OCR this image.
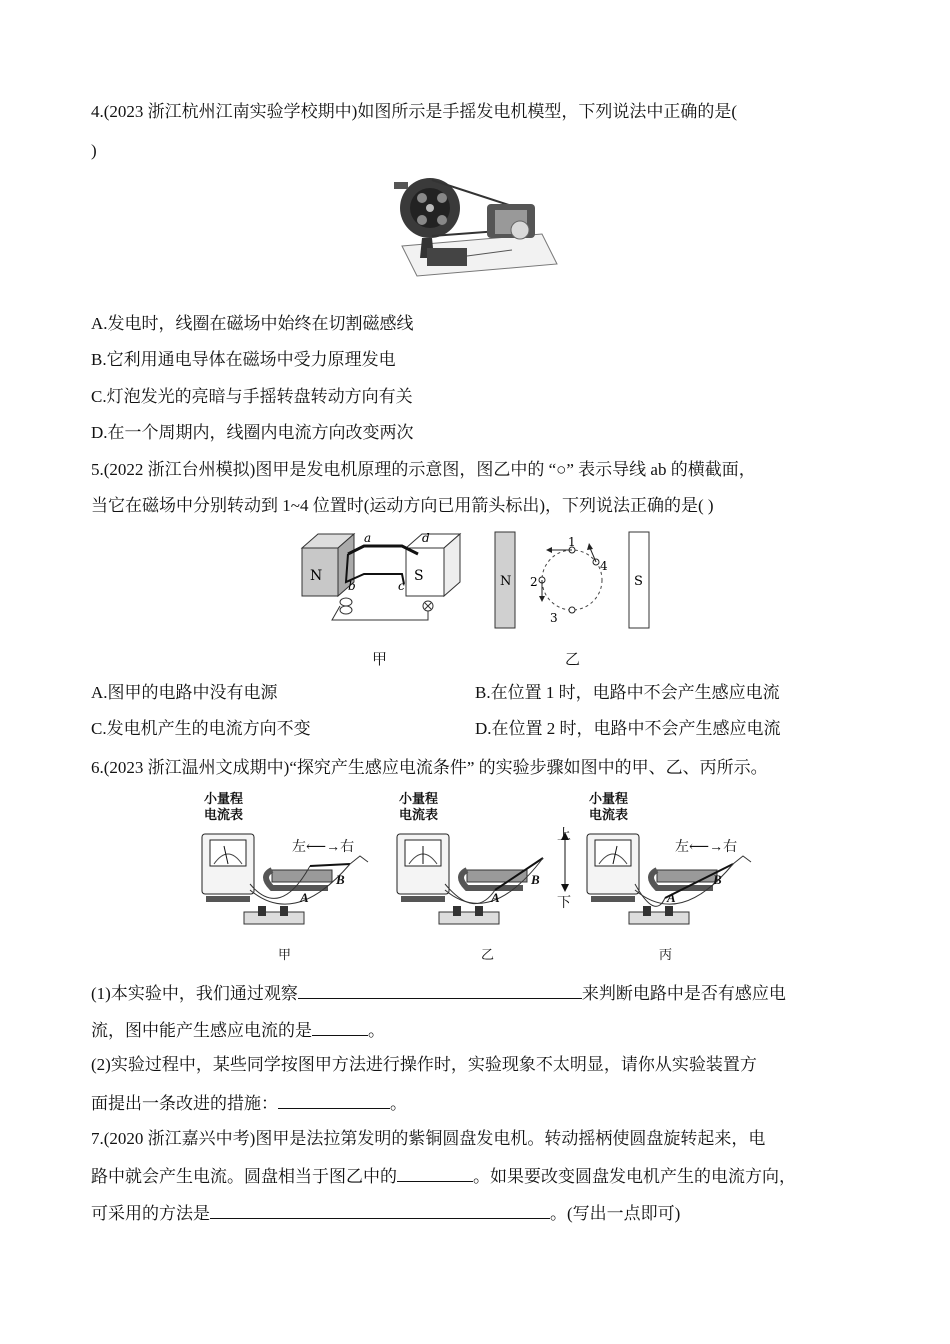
4.(2023 浙江杭州江南实验学校期中)如图所示是手摇发电机模型，下列说法中正确的是(
)
A.发电时，线圈在磁场中始终在切割磁感线
B.它利用通电导体在磁场中受力原理发电
C.灯泡发光的亮暗与手摇转盘转动方向有关
D.在一个周期内，线圈内电流方向改变两次
5.(2022 浙江台州模拟)图甲是发电机原理的示意图，图乙中的 “○” 表示导线 ab 的横截面，
当它在磁场中分别转动到 1~4 位置时(运动方向已用箭头标出)，下列说法正确的是( )
N	S
a	d
b	c	N	S
1
2
3
4
甲	乙
A.图甲的电路中没有电源	B.在位置 1 时，电路中不会产生感应电流
C.发电机产生的电流方向不变	D.在位置 2 时，电路中不会产生感应电流
6.(2023 浙江温州文成期中)“探究产生感应电流条件” 的实验步骤如图中的甲、乙、丙所示。
小量程
电流表
左⟵→右
B
A
甲
小量程
电流表
上
下
B
A
乙
小量程
电流表
左⟵→右
B
A
丙
(1)本实验中，我们通过观察	来判断电路中是否有感应电
流，图中能产生感应电流的是	。
(2)实验过程中，某些同学按图甲方法进行操作时，实验现象不太明显，请你从实验装置方
面提出一条改进的措施：	。
7.(2020 浙江嘉兴中考)图甲是法拉第发明的紫铜圆盘发电机。转动摇柄使圆盘旋转起来，电
路中就会产生电流。圆盘相当于图乙中的	。如果要改变圆盘发电机产生的电流方向，
可采用的方法是	。(写出一点即可)
